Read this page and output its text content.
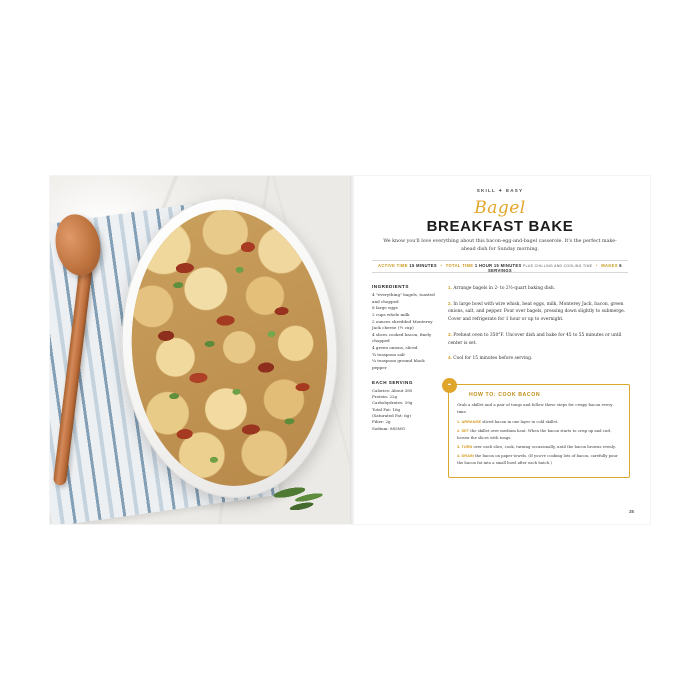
SKILL ✦ EASY
Bagel
BREAKFAST BAKE
We know you'll love everything about this bacon-egg-and-bagel casserole. It's the perfect make-ahead dish for Sunday morning.
ACTIVE TIME 15 MINUTES • TOTAL TIME 1 HOUR 15 MINUTES PLUS CHILLING AND COOLING TIME • MAKES 6 SERVINGS
INGREDIENTS
4 "everything" bagels, toasted and chopped
8 large eggs
2 cups whole milk
2 ounces shredded Monterey Jack cheese (½ cup)
4 slices cooked bacon, finely chopped
4 green onions, sliced
¾ teaspoon salt
¼ teaspoon ground black pepper
EACH SERVING
Calories: About 385
Protein: 22g
Carbohydrates: 39g
Total Fat: 16g
(Saturated Fat: 6g)
Fiber: 2g
Sodium: 885MG
1. Arrange bagels in 2- to 2½-quart baking dish.
2. In large bowl with wire whisk, beat eggs, milk, Monterey Jack, bacon, green onions, salt, and pepper. Pour over bagels, pressing down slightly to submerge. Cover and refrigerate for 1 hour or up to overnight.
3. Preheat oven to 350°F. Uncover dish and bake for 45 to 55 minutes or until center is set.
4. Cool for 15 minutes before serving.
◓
HOW TO: COOK BACON
Grab a skillet and a pair of tongs and follow these steps for crispy bacon every time.
1. ARRANGE sliced bacon in one layer in cold skillet.
2. SET the skillet over medium heat. When the bacon starts to crisp up and curl, loosen the slices with tongs.
3. TURN over each slice, cook, turning occasionally, until the bacon browns evenly.
4. DRAIN the bacon on paper towels. (If you're cooking lots of bacon, carefully pour the bacon fat into a small bowl after each batch.)
25
